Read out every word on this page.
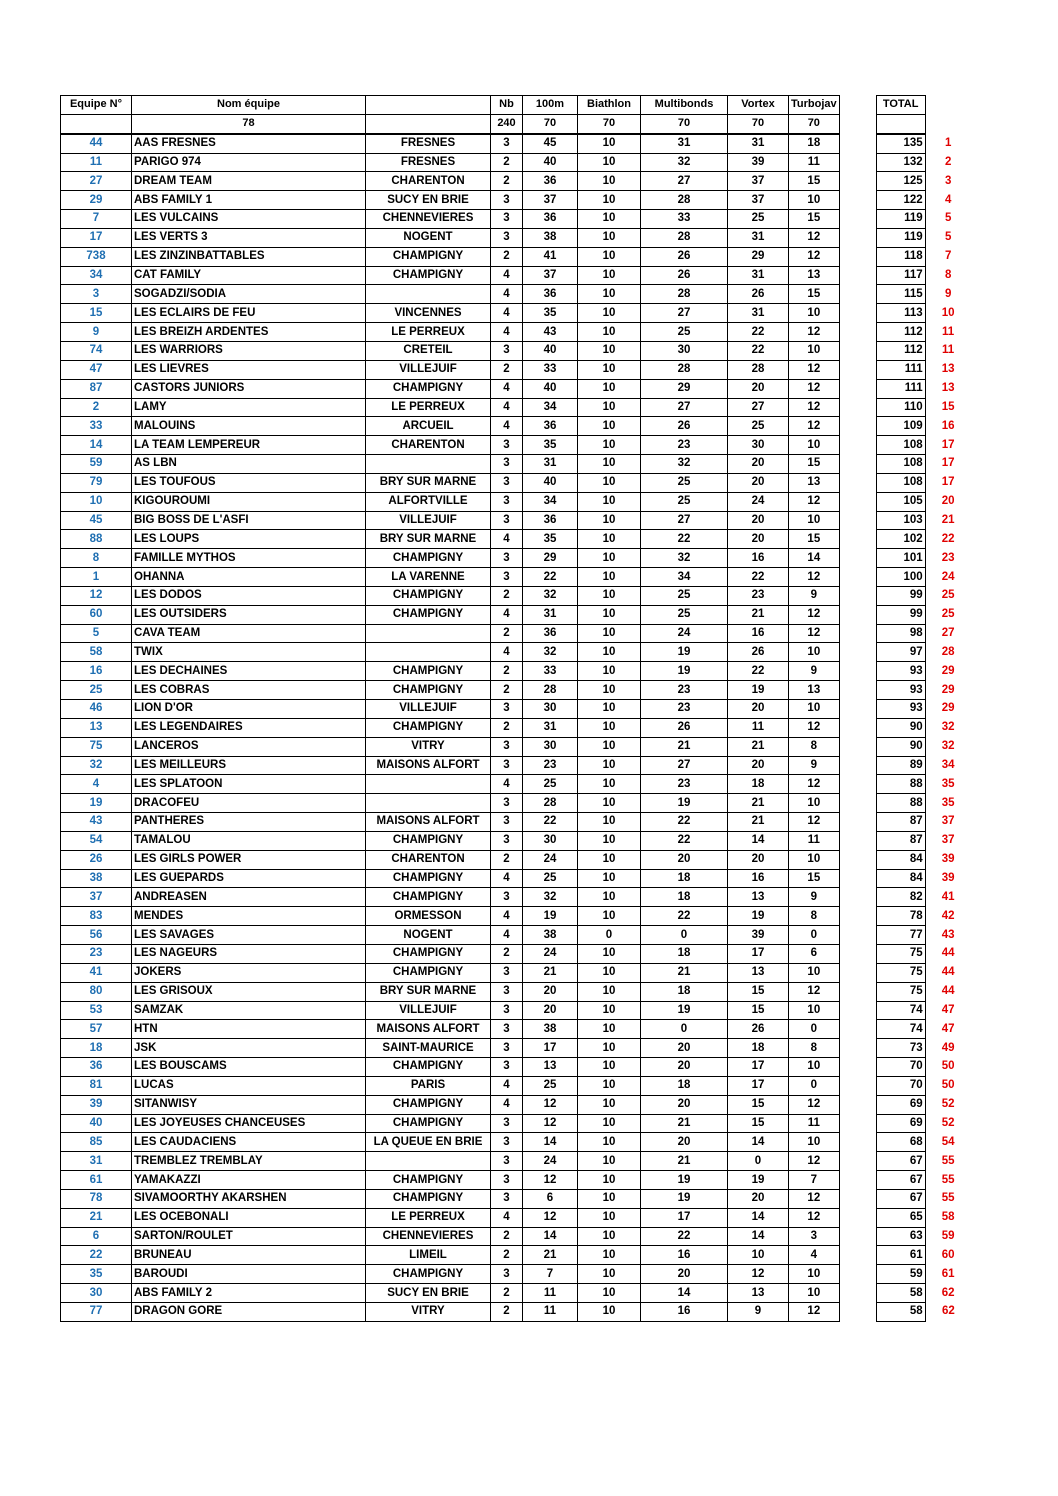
Equipe N°	Nom équipe		Nb	100m	Biathlon	Multibonds	Vortex	Turbojav		TOTAL	
	78		240	70	70	70	70	70			
44	AAS FRESNES	FRESNES	3	45	10	31	31	18		135	1
11	PARIGO 974	FRESNES	2	40	10	32	39	11		132	2
27	DREAM TEAM	CHARENTON	2	36	10	27	37	15		125	3
29	ABS FAMILY 1	SUCY EN BRIE	3	37	10	28	37	10		122	4
7	LES VULCAINS	CHENNEVIERES	3	36	10	33	25	15		119	5
17	LES VERTS 3	NOGENT	3	38	10	28	31	12		119	5
738	LES ZINZINBATTABLES	CHAMPIGNY	2	41	10	26	29	12		118	7
34	CAT FAMILY	CHAMPIGNY	4	37	10	26	31	13		117	8
3	SOGADZI/SODIA		4	36	10	28	26	15		115	9
15	LES ECLAIRS DE FEU	VINCENNES	4	35	10	27	31	10		113	10
9	LES BREIZH ARDENTES	LE PERREUX	4	43	10	25	22	12		112	11
74	LES WARRIORS	CRETEIL	3	40	10	30	22	10		112	11
47	LES LIEVRES	VILLEJUIF	2	33	10	28	28	12		111	13
87	CASTORS JUNIORS	CHAMPIGNY	4	40	10	29	20	12		111	13
2	LAMY	LE PERREUX	4	34	10	27	27	12		110	15
33	MALOUINS	ARCUEIL	4	36	10	26	25	12		109	16
14	LA TEAM LEMPEREUR	CHARENTON	3	35	10	23	30	10		108	17
59	AS LBN		3	31	10	32	20	15		108	17
79	LES TOUFOUS	BRY SUR MARNE	3	40	10	25	20	13		108	17
10	KIGOUROUMI	ALFORTVILLE	3	34	10	25	24	12		105	20
45	BIG BOSS DE L'ASFI	VILLEJUIF	3	36	10	27	20	10		103	21
88	LES LOUPS	BRY SUR MARNE	4	35	10	22	20	15		102	22
8	FAMILLE MYTHOS	CHAMPIGNY	3	29	10	32	16	14		101	23
1	OHANNA	LA VARENNE	3	22	10	34	22	12		100	24
12	LES DODOS	CHAMPIGNY	2	32	10	25	23	9		99	25
60	LES OUTSIDERS	CHAMPIGNY	4	31	10	25	21	12		99	25
5	CAVA TEAM		2	36	10	24	16	12		98	27
58	TWIX		4	32	10	19	26	10		97	28
16	LES DECHAINES	CHAMPIGNY	2	33	10	19	22	9		93	29
25	LES COBRAS	CHAMPIGNY	2	28	10	23	19	13		93	29
46	LION D'OR	VILLEJUIF	3	30	10	23	20	10		93	29
13	LES LEGENDAIRES	CHAMPIGNY	2	31	10	26	11	12		90	32
75	LANCEROS	VITRY	3	30	10	21	21	8		90	32
32	LES MEILLEURS	MAISONS ALFORT	3	23	10	27	20	9		89	34
4	LES SPLATOON		4	25	10	23	18	12		88	35
19	DRACOFEU		3	28	10	19	21	10		88	35
43	PANTHERES	MAISONS ALFORT	3	22	10	22	21	12		87	37
54	TAMALOU	CHAMPIGNY	3	30	10	22	14	11		87	37
26	LES GIRLS POWER	CHARENTON	2	24	10	20	20	10		84	39
38	LES GUEPARDS	CHAMPIGNY	4	25	10	18	16	15		84	39
37	ANDREASEN	CHAMPIGNY	3	32	10	18	13	9		82	41
83	MENDES	ORMESSON	4	19	10	22	19	8		78	42
56	LES SAVAGES	NOGENT	4	38	0	0	39	0		77	43
23	LES NAGEURS	CHAMPIGNY	2	24	10	18	17	6		75	44
41	JOKERS	CHAMPIGNY	3	21	10	21	13	10		75	44
80	LES GRISOUX	BRY SUR MARNE	3	20	10	18	15	12		75	44
53	SAMZAK	VILLEJUIF	3	20	10	19	15	10		74	47
57	HTN	MAISONS ALFORT	3	38	10	0	26	0		74	47
18	JSK	SAINT-MAURICE	3	17	10	20	18	8		73	49
36	LES BOUSCAMS	CHAMPIGNY	3	13	10	20	17	10		70	50
81	LUCAS	PARIS	4	25	10	18	17	0		70	50
39	SITANWISY	CHAMPIGNY	4	12	10	20	15	12		69	52
40	LES JOYEUSES CHANCEUSES	CHAMPIGNY	3	12	10	21	15	11		69	52
85	LES CAUDACIENS	LA QUEUE EN BRIE	3	14	10	20	14	10		68	54
31	TREMBLEZ TREMBLAY		3	24	10	21	0	12		67	55
61	YAMAKAZZI	CHAMPIGNY	3	12	10	19	19	7		67	55
78	SIVAMOORTHY AKARSHEN	CHAMPIGNY	3	6	10	19	20	12		67	55
21	LES OCEBONALI	LE PERREUX	4	12	10	17	14	12		65	58
6	SARTON/ROULET	CHENNEVIERES	2	14	10	22	14	3		63	59
22	BRUNEAU	LIMEIL	2	21	10	16	10	4		61	60
35	BAROUDI	CHAMPIGNY	3	7	10	20	12	10		59	61
30	ABS FAMILY 2	SUCY EN BRIE	2	11	10	14	13	10		58	62
77	DRAGON GORE	VITRY	2	11	10	16	9	12		58	62
